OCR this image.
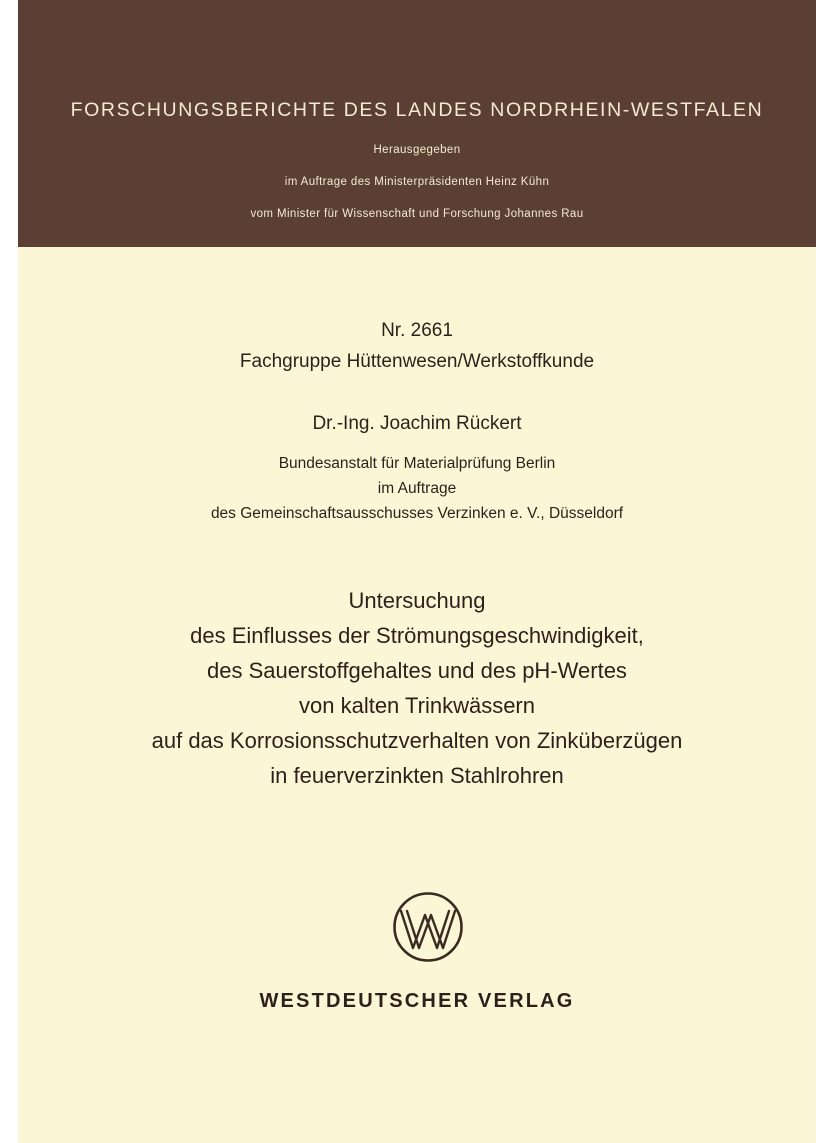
FORSCHUNGSBERICHTE DES LANDES NORDRHEIN-WESTFALEN
Herausgegeben
im Auftrage des Ministerpräsidenten Heinz Kühn
vom Minister für Wissenschaft und Forschung Johannes Rau
Nr. 2661
Fachgruppe Hüttenwesen/Werkstoffkunde
Dr.-Ing. Joachim Rückert
Bundesanstalt für Materialprüfung Berlin
im Auftrage
des Gemeinschaftsausschusses Verzinken e. V., Düsseldorf
Untersuchung
des Einflusses der Strömungsgeschwindigkeit,
des Sauerstoffgehaltes und des pH-Wertes
von kalten Trinkwässern
auf das Korrosionsschutzverhalten von Zinküberzügen
in feuerverzinkten Stahlrohren
WESTDEUTSCHER VERLAG
